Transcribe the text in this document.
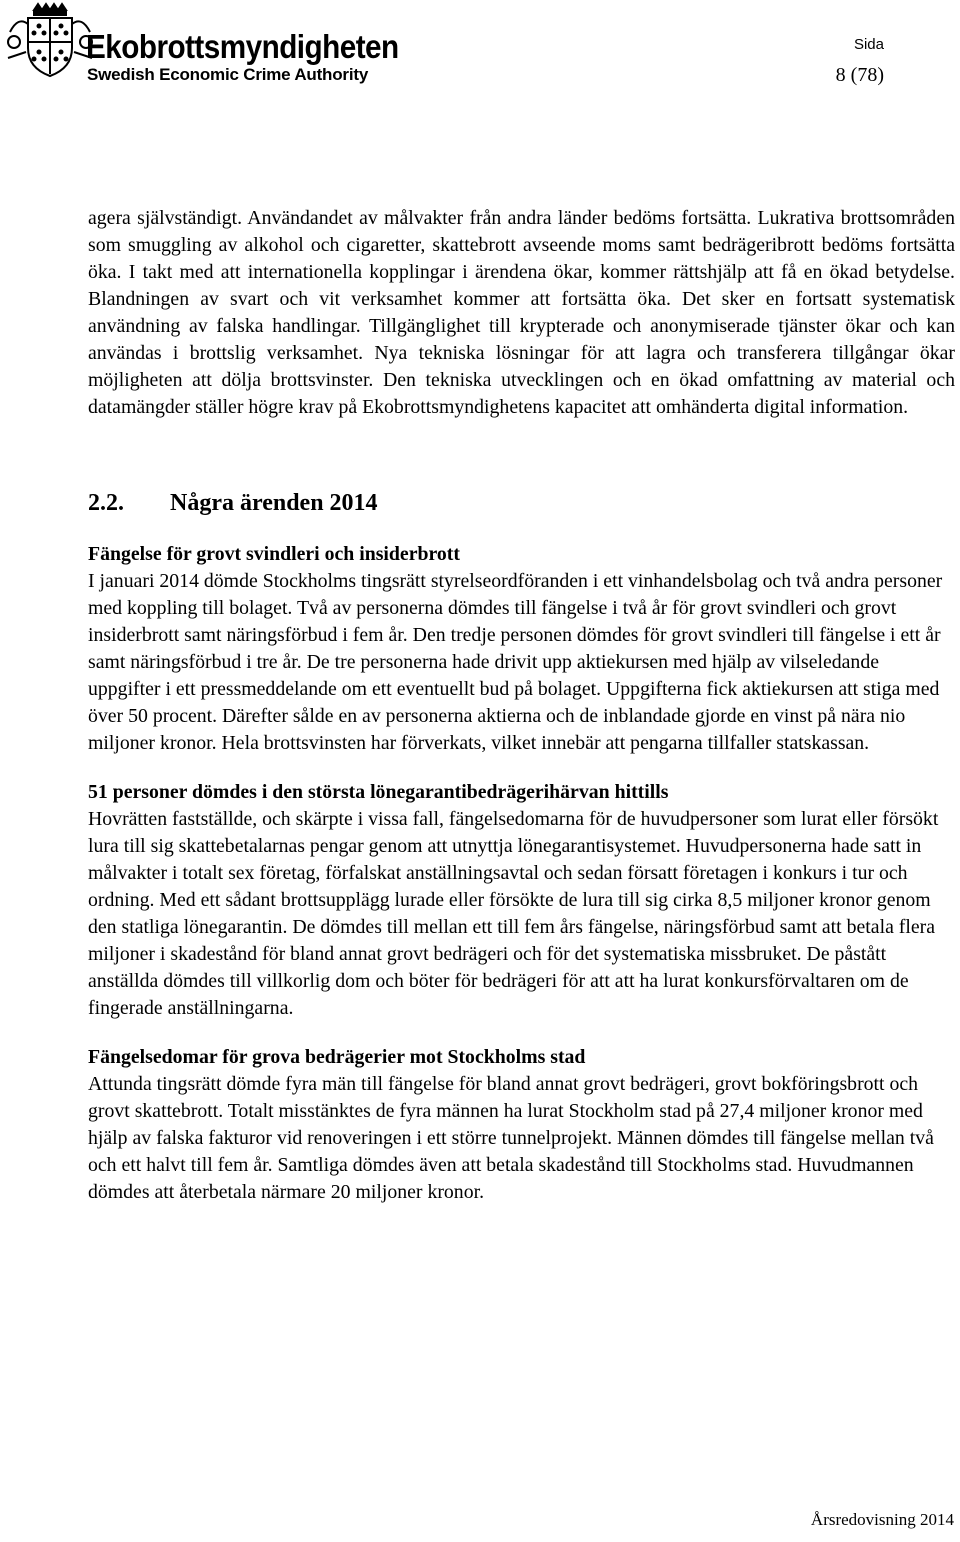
Ekobrottsmyndigheten
Swedish Economic Crime Authority
Sida
8 (78)

agera självständigt. Användandet av målvakter från andra länder bedöms fortsätta. Lukrativa brottsområden som smuggling av alkohol och cigaretter, skattebrott avseende moms samt bedrägeribrott bedöms fortsätta öka. I takt med att internationella kopplingar i ärendena ökar, kommer rättshjälp att få en ökad betydelse. Blandningen av svart och vit verksamhet kommer att fortsätta öka. Det sker en fortsatt systematisk användning av falska handlingar. Tillgänglighet till krypterade och anonymiserade tjänster ökar och kan användas i brottslig verksamhet. Nya tekniska lösningar för att lagra och transferera tillgångar ökar möjligheten att dölja brottsvinster. Den tekniska utvecklingen och en ökad omfattning av material och datamängder ställer högre krav på Ekobrottsmyndighetens kapacitet att omhänderta digital information.

2.2. Några ärenden 2014

Fängelse för grovt svindleri och insiderbrott

I januari 2014 dömde Stockholms tingsrätt styrelseordföranden i ett vinhandelsbolag och två andra personer med koppling till bolaget. Två av personerna dömdes till fängelse i två år för grovt svindleri och grovt insiderbrott samt näringsförbud i fem år. Den tredje personen dömdes för grovt svindleri till fängelse i ett år samt näringsförbud i tre år. De tre personerna hade drivit upp aktiekursen med hjälp av vilseledande uppgifter i ett pressmeddelande om ett eventuellt bud på bolaget. Uppgifterna fick aktiekursen att stiga med över 50 procent. Därefter sålde en av personerna aktierna och de inblandade gjorde en vinst på nära nio miljoner kronor. Hela brottsvinsten har förverkats, vilket innebär att pengarna tillfaller statskassan.

51 personer dömdes i den största lönegarantibedrägerihärvan hittills

Hovrätten fastställde, och skärpte i vissa fall, fängelsedomarna för de huvudpersoner som lurat eller försökt lura till sig skattebetalarnas pengar genom att utnyttja lönegarantisystemet. Huvudpersonerna hade satt in målvakter i totalt sex företag, förfalskat anställningsavtal och sedan försatt företagen i konkurs i tur och ordning. Med ett sådant brottsupplägg lurade eller försökte de lura till sig cirka 8,5 miljoner kronor genom den statliga lönegarantin. De dömdes till mellan ett till fem års fängelse, näringsförbud samt att betala flera miljoner i skadestånd för bland annat grovt bedrägeri och för det systematiska missbruket. De påstått anställda dömdes till villkorlig dom och böter för bedrägeri för att att ha lurat konkursförvaltaren om de fingerade anställningarna.

Fängelsedomar för grova bedrägerier mot Stockholms stad

Attunda tingsrätt dömde fyra män till fängelse för bland annat grovt bedrägeri, grovt bokföringsbrott och grovt skattebrott. Totalt misstänktes de fyra männen ha lurat Stockholm stad på 27,4 miljoner kronor med hjälp av falska fakturor vid renoveringen i ett större tunnelprojekt. Männen dömdes till fängelse mellan två och ett halvt till fem år. Samtliga dömdes även att betala skadestånd till Stockholms stad. Huvudmannen dömdes att återbetala närmare 20 miljoner kronor.

Årsredovisning 2014
